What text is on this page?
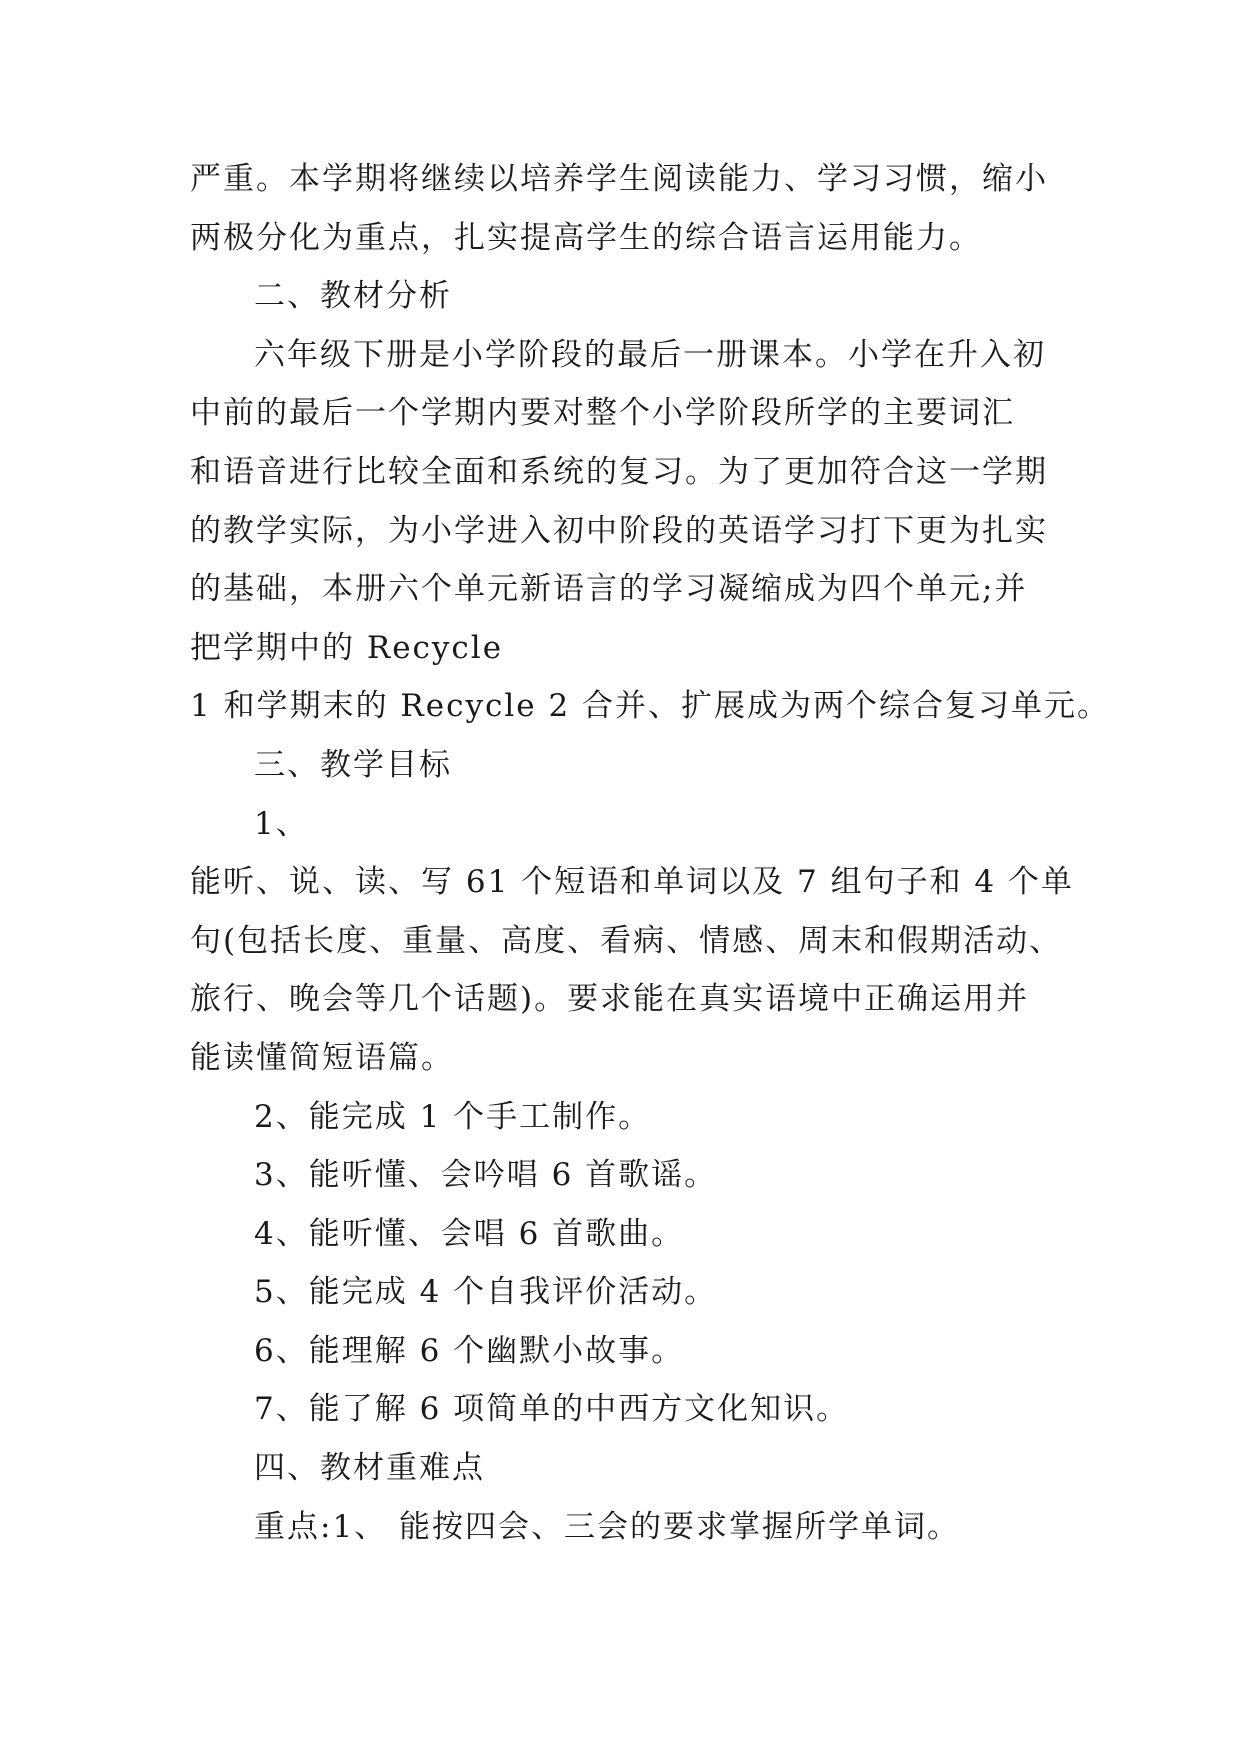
严重。本学期将继续以培养学生阅读能力、学习习惯，缩小
两极分化为重点，扎实提高学生的综合语言运用能力。
二、教材分析
六年级下册是小学阶段的最后一册课本。小学在升入初
中前的最后一个学期内要对整个小学阶段所学的主要词汇
和语音进行比较全面和系统的复习。为了更加符合这一学期
的教学实际，为小学进入初中阶段的英语学习打下更为扎实
的基础，本册六个单元新语言的学习凝缩成为四个单元;并
把学期中的 Recycle
1 和学期末的 Recycle 2 合并、扩展成为两个综合复习单元。
三、教学目标
1、
能听、说、读、写 61 个短语和单词以及 7 组句子和 4 个单
句(包括长度、重量、高度、看病、情感、周末和假期活动、
旅行、晚会等几个话题)。要求能在真实语境中正确运用并
能读懂简短语篇。
2、能完成 1 个手工制作。
3、能听懂、会吟唱 6 首歌谣。
4、能听懂、会唱 6 首歌曲。
5、能完成 4 个自我评价活动。
6、能理解 6 个幽默小故事。
7、能了解 6 项简单的中西方文化知识。
四、教材重难点
重点:1、 能按四会、三会的要求掌握所学单词。
